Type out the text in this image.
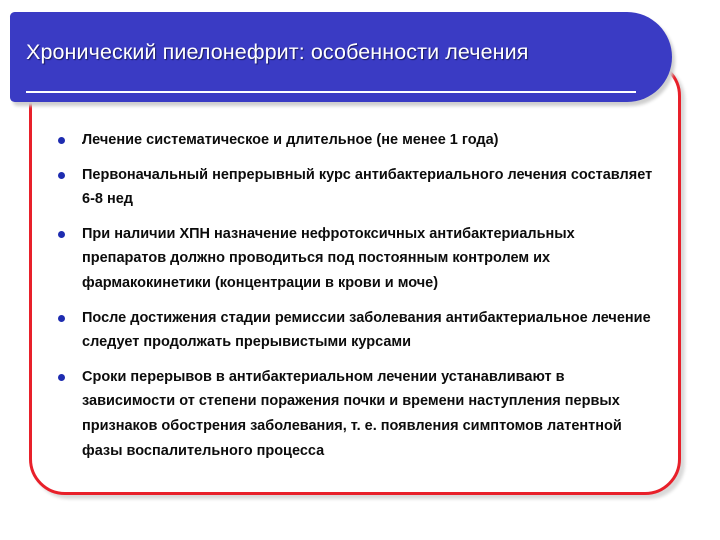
Хронический пиелонефрит: особенности лечения
Лечение систематическое и длительное (не менее 1 года)
Первоначальный непрерывный курс антибактериального лечения составляет 6-8 нед
При наличии ХПН назначение нефротоксичных антибактериальных препаратов должно проводиться под постоянным контролем их фармакокинетики (концентрации в крови и моче)
После достижения стадии ремиссии заболевания антибактериальное лечение следует продолжать прерывистыми курсами
Сроки перерывов в антибактериальном лечении устанавливают в зависимости от степени поражения почки и времени наступления первых признаков обострения заболевания, т. е. появления симптомов латентной фазы воспалительного процесса
